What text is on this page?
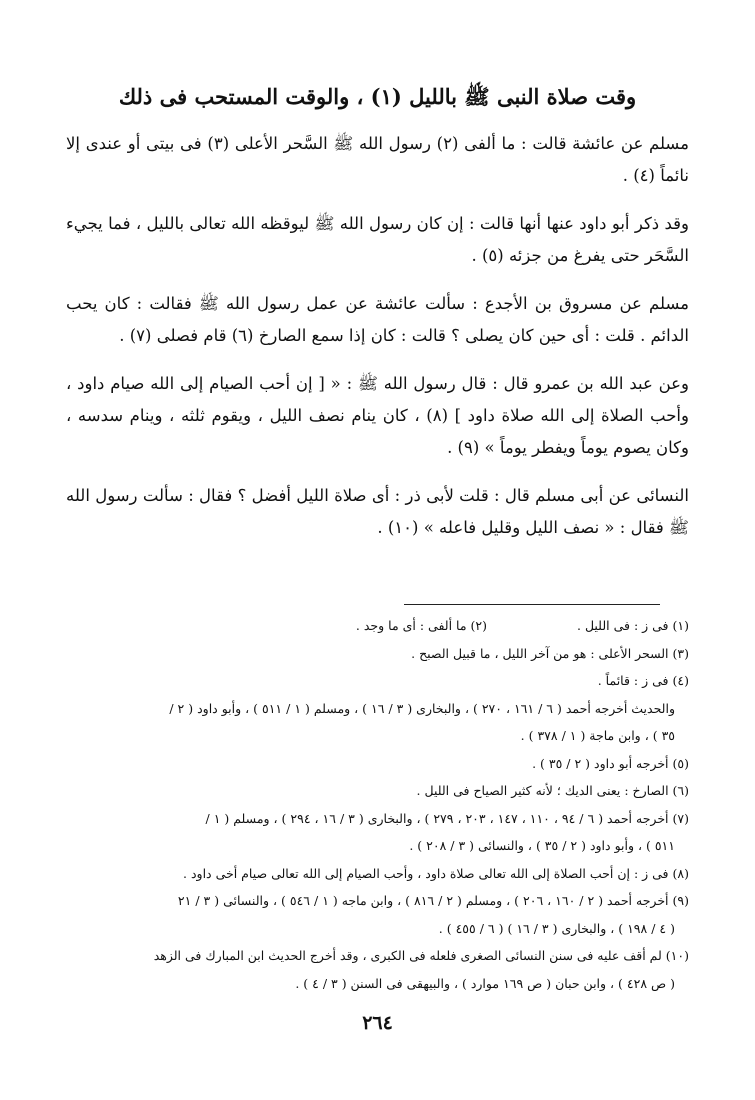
وقت صلاة النبى ﷺ بالليل (١) ، والوقت المستحب فى ذلك

مسلم عن عائشة قالت : ما ألفى (٢) رسول الله ﷺ السَّحر الأعلى (٣) فى بيتى أو عندى إلا نائماً (٤) .

وقد ذكر أبو داود عنها أنها قالت : إن كان رسول الله ﷺ ليوقظه الله تعالى بالليل ، فما يجيء السَّحَر حتى يفرغ من جزئه (٥) .

مسلم عن مسروق بن الأجدع : سألت عائشة عن عمل رسول الله ﷺ فقالت : كان يحب الدائم . قلت : أى حين كان يصلى ؟ قالت : كان إذا سمع الصارخ (٦) قام فصلى (٧) .

وعن عبد الله بن عمرو قال : قال رسول الله ﷺ : « [ إن أحب الصيام إلى الله صيام داود ، وأحب الصلاة إلى الله صلاة داود ] (٨) ، كان ينام نصف الليل ، ويقوم ثلثه ، وينام سدسه ، وكان يصوم يوماً ويفطر يوماً » (٩) .

النسائى عن أبى مسلم قال : قلت لأبى ذر : أى صلاة الليل أفضل ؟ فقال : سألت رسول الله ﷺ فقال : « نصف الليل وقليل فاعله » (١٠) .

(١) فى ز : فى الليل .
(٢) ما ألفى : أى ما وجد .
(٣) السحر الأعلى : هو من آخر الليل ، ما قبيل الصبح .
(٤) فى ز : قائماً .
والحديث أخرجه أحمد ( ٦ / ١٦١ ، ٢٧٠ ) ، والبخارى ( ٣ / ١٦ ) ، ومسلم ( ١ / ٥١١ ) ، وأبو داود ( ٢ /
٣٥ ) ، وابن ماجة ( ١ / ٣٧٨ ) .
(٥) أخرجه أبو داود ( ٢ / ٣٥ ) .
(٦) الصارخ : يعنى الديك ؛ لأنه كثير الصياح فى الليل .
(٧) أخرجه أحمد ( ٦ / ٩٤ ، ١١٠ ، ١٤٧ ، ٢٠٣ ، ٢٧٩ ) ، والبخارى ( ٣ / ١٦ ، ٢٩٤ ) ، ومسلم ( ١ /
٥١١ ) ، وأبو داود ( ٢ / ٣٥ ) ، والنسائى ( ٣ / ٢٠٨ ) .
(٨) فى ز : إن أحب الصلاة إلى الله تعالى صلاة داود ، وأحب الصيام إلى الله تعالى صيام أخى داود .
(٩) أخرجه أحمد ( ٢ / ١٦٠ ، ٢٠٦ ) ، ومسلم ( ٢ / ٨١٦ ) ، وابن ماجه ( ١ / ٥٤٦ ) ، والنسائى ( ٣ / ٢١
( ٤ / ١٩٨ ) ، والبخارى ( ٣ / ١٦ ) ( ٦ / ٤٥٥ ) .
(١٠) لم أقف عليه فى سنن النسائى الصغرى فلعله فى الكبرى ، وقد أخرج الحديث ابن المبارك فى الزهد
( ص ٤٢٨ ) ، وابن حبان ( ص ١٦٩ موارد ) ، والبيهقى فى السنن ( ٣ / ٤ ) .
٢٦٤
